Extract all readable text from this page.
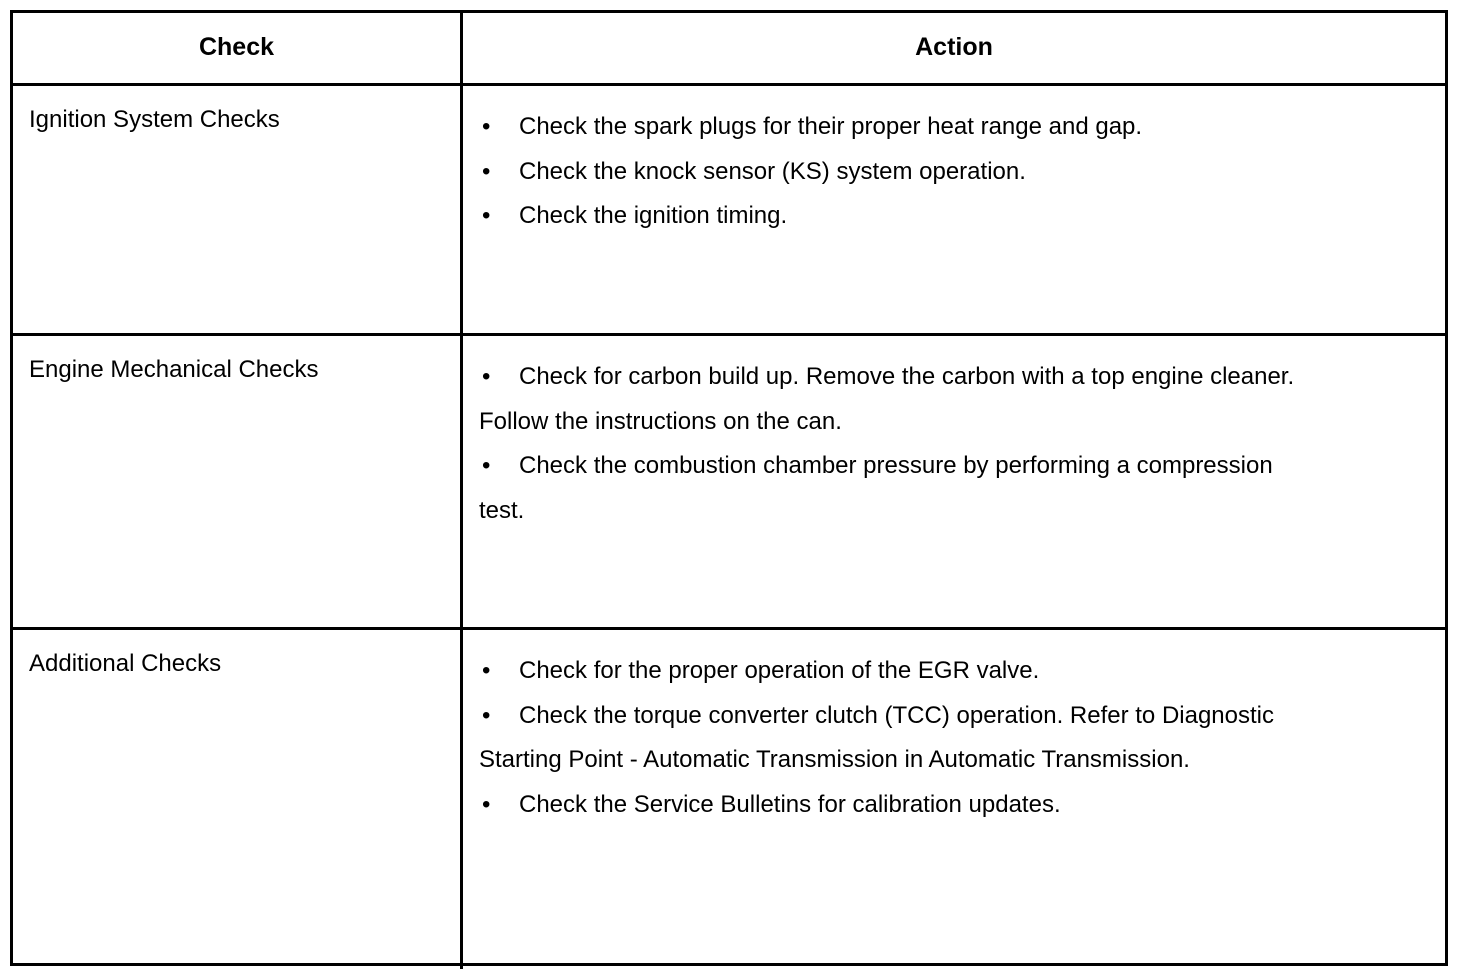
Check	Action
Ignition System Checks	• Check the spark plugs for their proper heat range and gap.
• Check the knock sensor (KS) system operation.
• Check the ignition timing.
Engine Mechanical Checks	• Check for carbon build up. Remove the carbon with a top engine cleaner. Follow the instructions on the can.
• Check the combustion chamber pressure by performing a compression test.
Additional Checks	• Check for the proper operation of the EGR valve.
• Check the torque converter clutch (TCC) operation. Refer to Diagnostic Starting Point - Automatic Transmission in Automatic Transmission.
• Check the Service Bulletins for calibration updates.
